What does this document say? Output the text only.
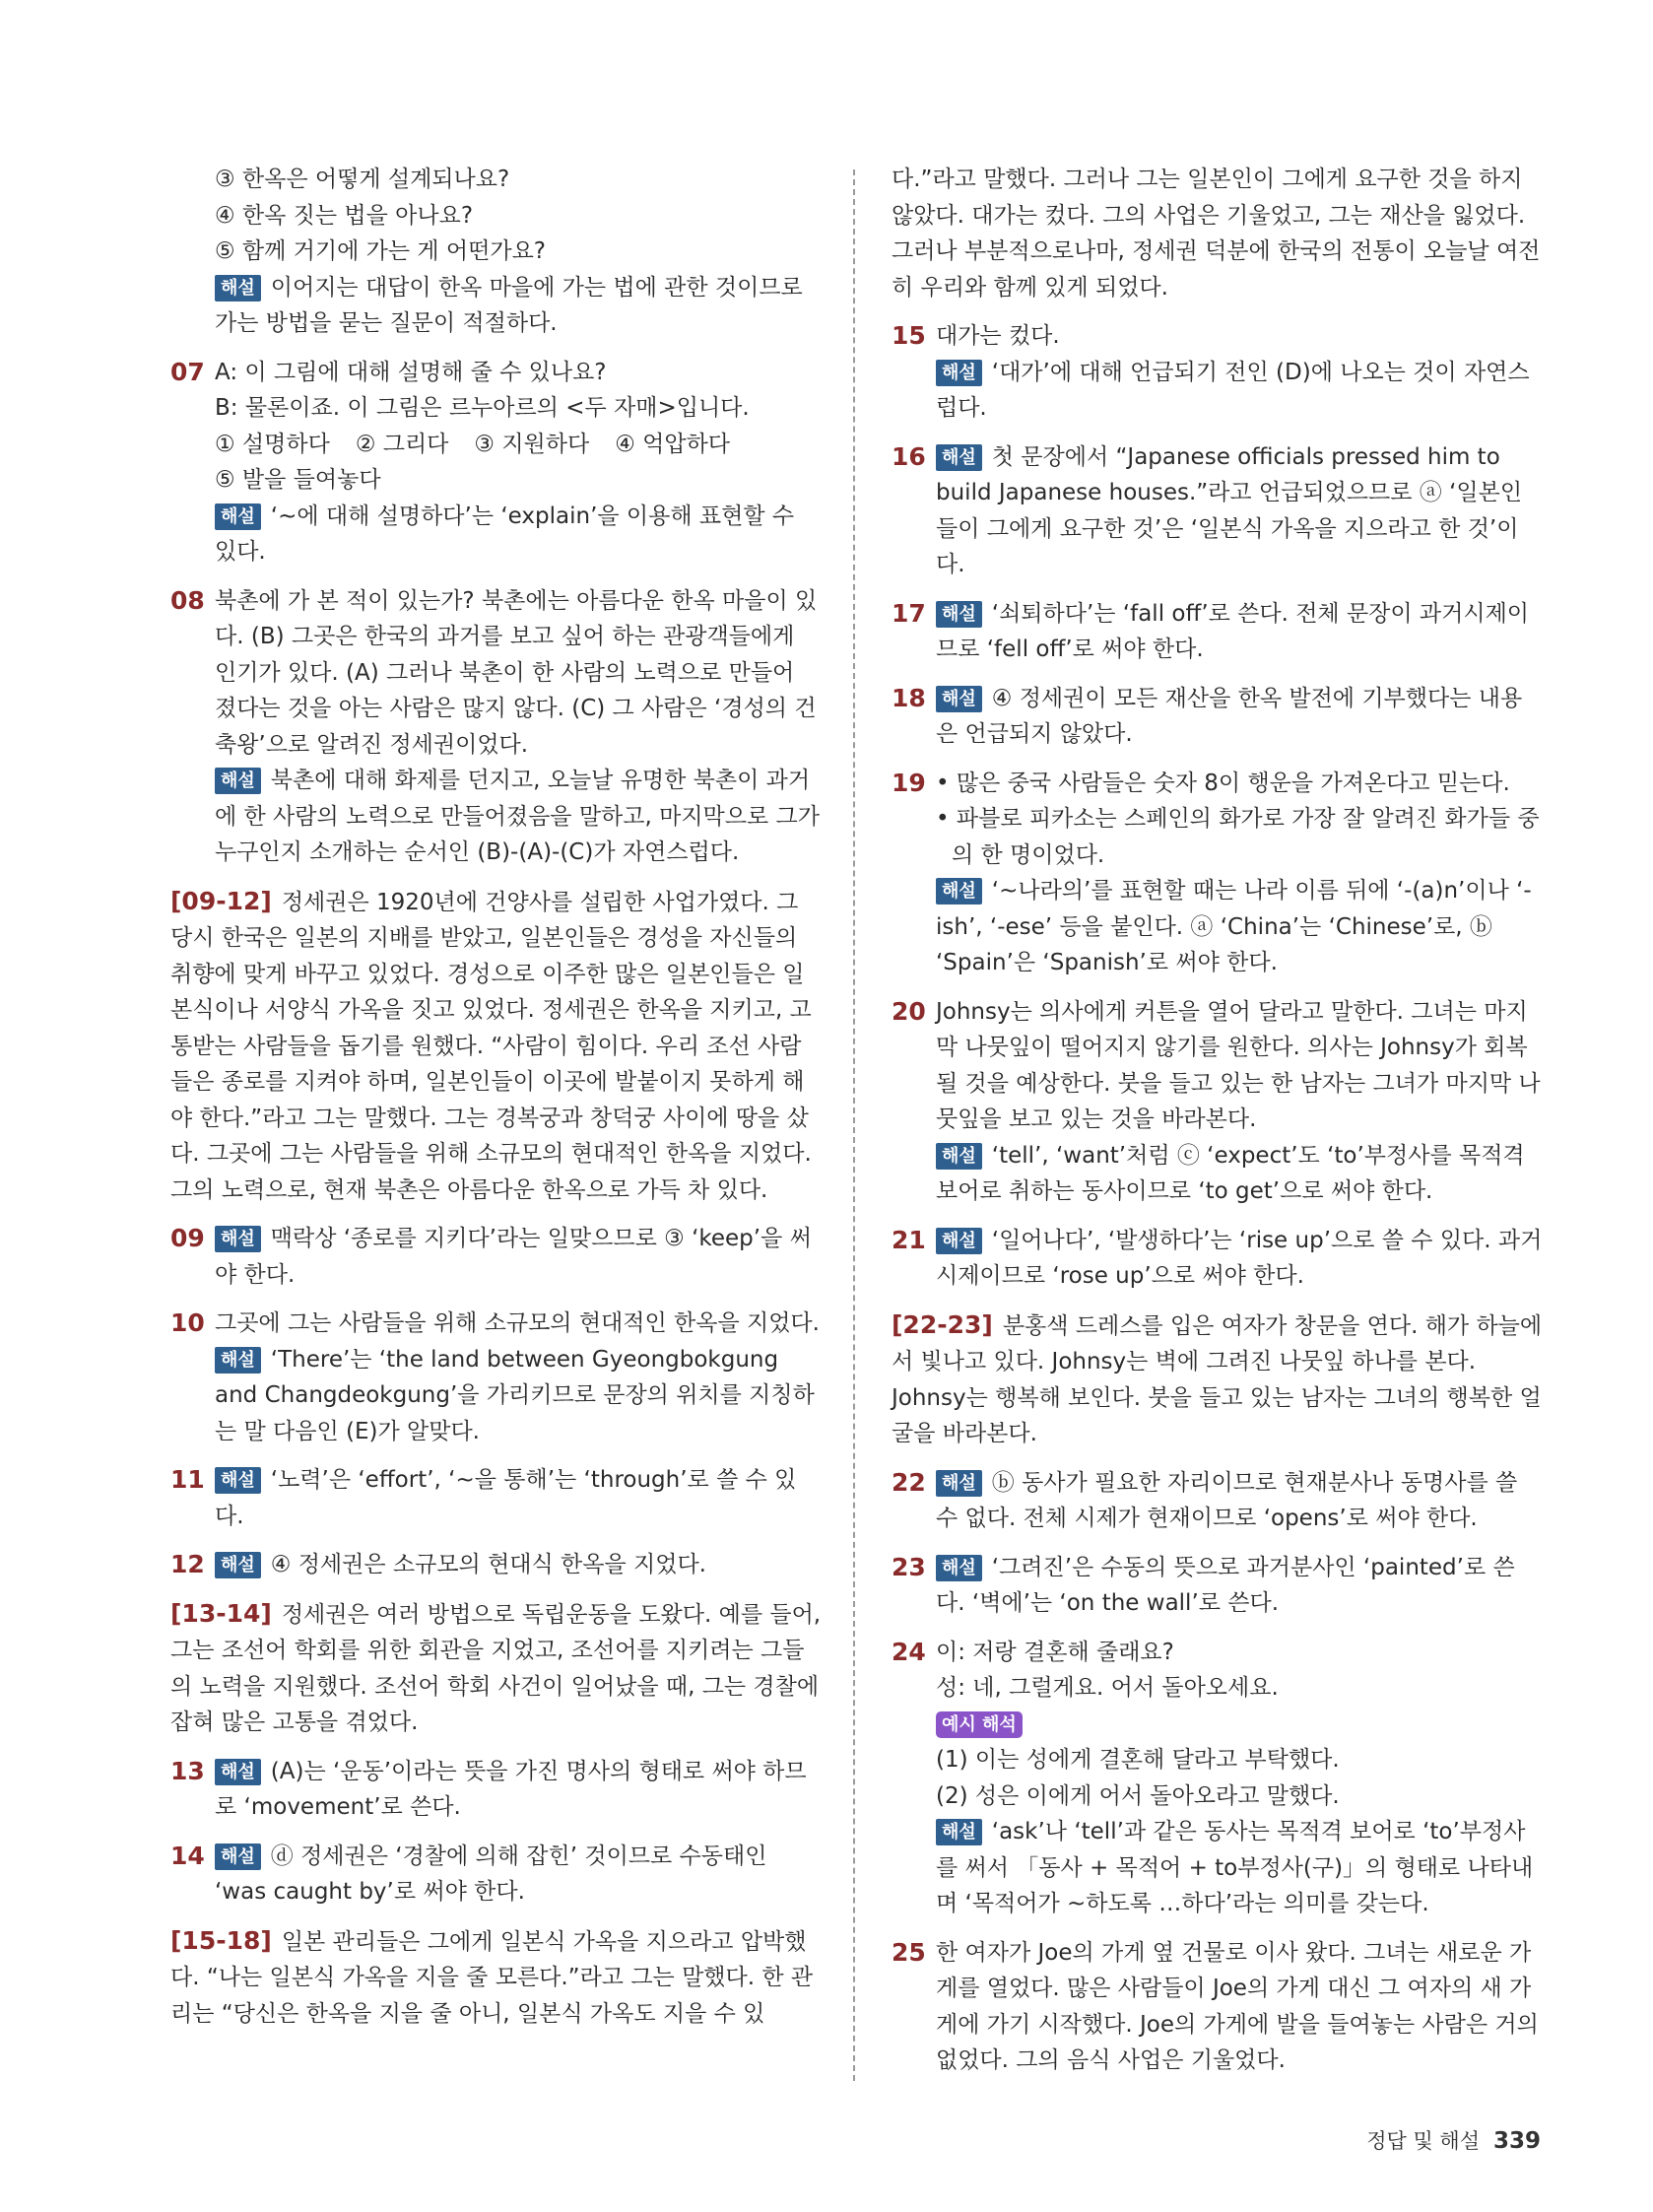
③ 한옥은 어떻게 설계되나요?
④ 한옥 짓는 법을 아나요?
⑤ 함께 거기에 가는 게 어떤가요?
해설 이어지는 대답이 한옥 마을에 가는 법에 관한 것이므로 가는 방법을 묻는 질문이 적절하다.
07 A: 이 그림에 대해 설명해 줄 수 있나요?
B: 물론이죠. 이 그림은 르누아르의 <두 자매>입니다.
① 설명하다 ② 그리다 ③ 지원하다 ④ 억압하다
⑤ 발을 들여놓다
해설 ‘~에 대해 설명하다’는 ‘explain’을 이용해 표현할 수 있다.
08 북촌에 가 본 적이 있는가? 북촌에는 아름다운 한옥 마을이 있다. (B) 그곳은 한국의 과거를 보고 싶어 하는 관광객들에게 인기가 있다. (A) 그러나 북촌이 한 사람의 노력으로 만들어 졌다는 것을 아는 사람은 많지 않다. (C) 그 사람은 ‘경성의 건축왕’으로 알려진 정세권이었다.
해설 북촌에 대해 화제를 던지고, 오늘날 유명한 북촌이 과거에 한 사람의 노력으로 만들어졌음을 말하고, 마지막으로 그가 누구인지 소개하는 순서인 (B)-(A)-(C)가 자연스럽다.
[09-12] 정세권은 1920년에 건양사를 설립한 사업가였다. 그 당시 한국은 일본의 지배를 받았고, 일본인들은 경성을 자신들의 취향에 맞게 바꾸고 있었다. 경성으로 이주한 많은 일본인들은 일본식이나 서양식 가옥을 짓고 있었다. 정세권은 한옥을 지키고, 고통받는 사람들을 돕기를 원했다. “사람이 힘이다. 우리 조선 사람들은 종로를 지켜야 하며, 일본인들이 이곳에 발붙이지 못하게 해야 한다.”라고 그는 말했다. 그는 경복궁과 창덕궁 사이에 땅을 샀다. 그곳에 그는 사람들을 위해 소규모의 현대적인 한옥을 지었다. 그의 노력으로, 현재 북촌은 아름다운 한옥으로 가득 차 있다.
09 해설 맥락상 ‘종로를 지키다’라는 일맞으므로 ③ ‘keep’을 써야 한다.
10 그곳에 그는 사람들을 위해 소규모의 현대적인 한옥을 지었다.
해설 ‘There’는 ‘the land between Gyeongbokgung and Changdeokgung’을 가리키므로 문장의 위치를 지칭하는 말 다음인 (E)가 알맞다.
11 해설 ‘노력’은 ‘effort’, ‘~을 통해’는 ‘through’로 쓸 수 있다.
12 해설 ④ 정세권은 소규모의 현대식 한옥을 지었다.
[13-14] 정세권은 여러 방법으로 독립운동을 도왔다. 예를 들어, 그는 조선어 학회를 위한 회관을 지었고, 조선어를 지키려는 그들의 노력을 지원했다. 조선어 학회 사건이 일어났을 때, 그는 경찰에 잡혀 많은 고통을 겪었다.
13 해설 (A)는 ‘운동’이라는 뜻을 가진 명사의 형태로 써야 하므로 ‘movement’로 쓴다.
14 해설 ⓓ 정세권은 ‘경찰에 의해 잡힌’ 것이므로 수동태인 ‘was caught by’로 써야 한다.
[15-18] 일본 관리들은 그에게 일본식 가옥을 지으라고 압박했다. “나는 일본식 가옥을 지을 줄 모른다.”라고 그는 말했다. 한 관리는 “당신은 한옥을 지을 줄 아니, 일본식 가옥도 지을 수 있
다.”라고 말했다. 그러나 그는 일본인이 그에게 요구한 것을 하지 않았다. 대가는 컸다. 그의 사업은 기울었고, 그는 재산을 잃었다. 그러나 부분적으로나마, 정세권 덕분에 한국의 전통이 오늘날 여전히 우리와 함께 있게 되었다.
15 대가는 컸다.
해설 ‘대가’에 대해 언급되기 전인 (D)에 나오는 것이 자연스럽다.
16 해설 첫 문장에서 “Japanese officials pressed him to build Japanese houses.”라고 언급되었으므로 ⓐ ‘일본인들이 그에게 요구한 것’은 ‘일본식 가옥을 지으라고 한 것’이다.
17 해설 ‘쇠퇴하다’는 ‘fall off’로 쓴다. 전체 문장이 과거시제이므로 ‘fell off’로 써야 한다.
18 해설 ④ 정세권이 모든 재산을 한옥 발전에 기부했다는 내용은 언급되지 않았다.
19 • 많은 중국 사람들은 숫자 8이 행운을 가져온다고 믿는다.
• 파블로 피카소는 스페인의 화가로 가장 잘 알려진 화가들 중의 한 명이었다.
해설 ‘~나라의’를 표현할 때는 나라 이름 뒤에 ‘-(a)n’이나 ‘-ish’, ‘-ese’ 등을 붙인다. ⓐ ‘China’는 ‘Chinese’로, ⓑ ‘Spain’은 ‘Spanish’로 써야 한다.
20 Johnsy는 의사에게 커튼을 열어 달라고 말한다. 그녀는 마지막 나뭇잎이 떨어지지 않기를 원한다. 의사는 Johnsy가 회복될 것을 예상한다. 붓을 들고 있는 한 남자는 그녀가 마지막 나뭇잎을 보고 있는 것을 바라본다.
해설 ‘tell’, ‘want’처럼 ⓒ ‘expect’도 ‘to’부정사를 목적격 보어로 취하는 동사이므로 ‘to get’으로 써야 한다.
21 해설 ‘일어나다’, ‘발생하다’는 ‘rise up’으로 쓸 수 있다. 과거시제이므로 ‘rose up’으로 써야 한다.
[22-23] 분홍색 드레스를 입은 여자가 창문을 연다. 해가 하늘에서 빛나고 있다. Johnsy는 벽에 그려진 나뭇잎 하나를 본다. Johnsy는 행복해 보인다. 붓을 들고 있는 남자는 그녀의 행복한 얼굴을 바라본다.
22 해설 ⓑ 동사가 필요한 자리이므로 현재분사나 동명사를 쓸 수 없다. 전체 시제가 현재이므로 ‘opens’로 써야 한다.
23 해설 ‘그려진’은 수동의 뜻으로 과거분사인 ‘painted’로 쓴다. ‘벽에’는 ‘on the wall’로 쓴다.
24 이: 저랑 결혼해 줄래요?
성: 네, 그럴게요. 어서 돌아오세요.
예시 해석
(1) 이는 성에게 결혼해 달라고 부탁했다.
(2) 성은 이에게 어서 돌아오라고 말했다.
해설 ‘ask’나 ‘tell’과 같은 동사는 목적격 보어로 ‘to’부정사를 써서 「동사 + 목적어 + to부정사(구)」의 형태로 나타내며 ‘목적어가 ~하도록 …하다’라는 의미를 갖는다.
25 한 여자가 Joe의 가게 옆 건물로 이사 왔다. 그녀는 새로운 가게를 열었다. 많은 사람들이 Joe의 가게 대신 그 여자의 새 가게에 가기 시작했다. Joe의 가게에 발을 들여놓는 사람은 거의 없었다. 그의 음식 사업은 기울었다.
정답 및 해설 339
